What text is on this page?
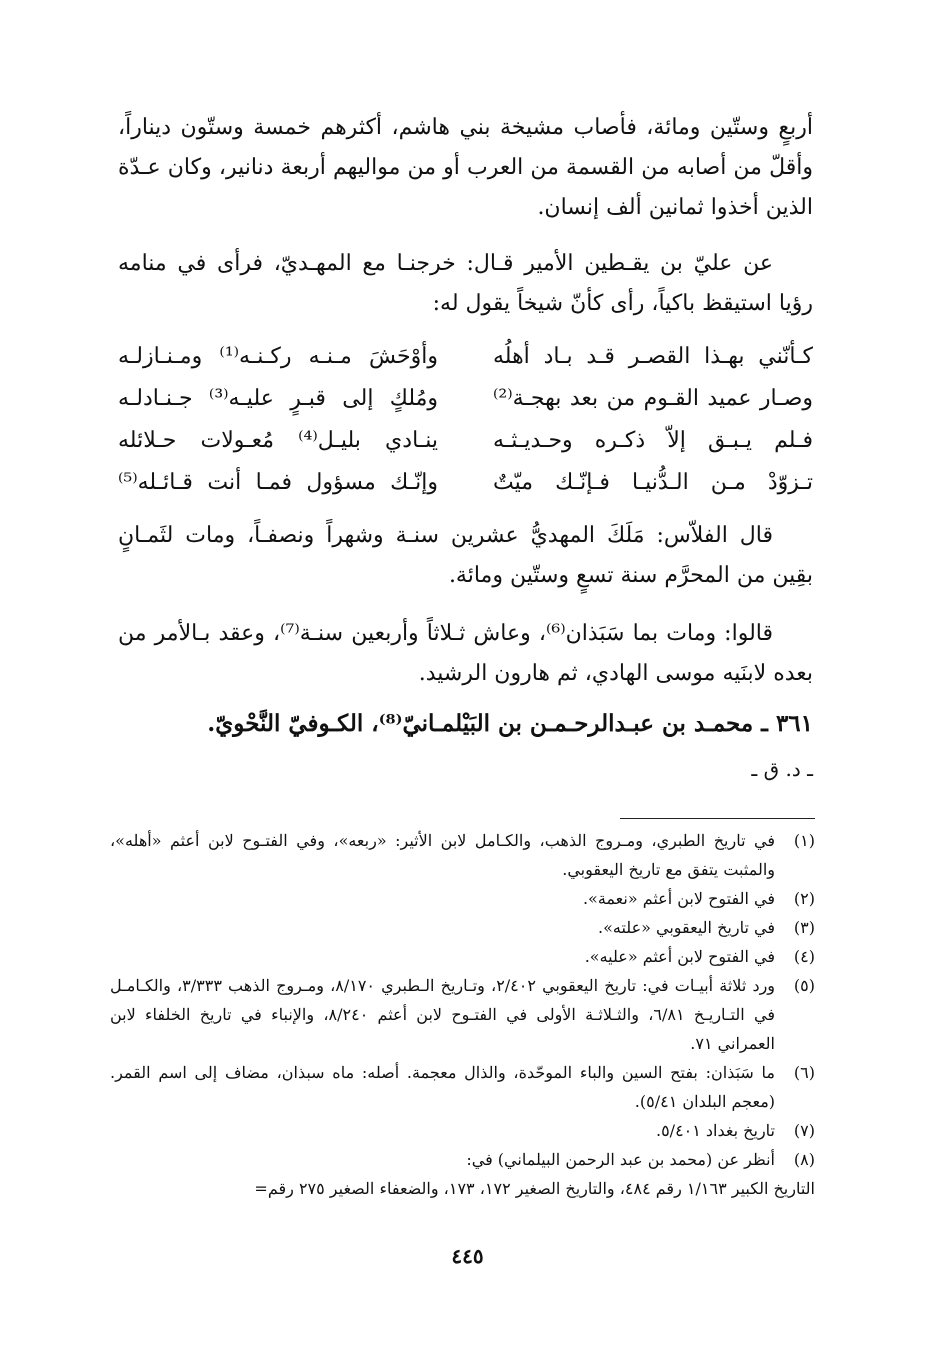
أربعٍ وستّين ومائة، فأصاب مشيخة بني هاشم، أكثرهم خمسة وستّون ديناراً، وأقلّ من أصابه من القسمة من العرب أو من مواليهم أربعة دنانير، وكان عـدّة الذين أخذوا ثمانين ألف إنسان.

عن عليّ بن يقـطين الأمير قـال: خرجنـا مع المهـديّ، فرأى في منامه رؤيا استيقظ باكياً، رأى كأنّ شيخاً يقول له:

كـأنّني بهـذا القصـر قـد بـاد أهلُه
وأوْحَشَ مـنـه ركـنـه⁽¹⁾ ومـنـازلـه
وصـار عميد القـوم من بعد بهجـة⁽²⁾
ومُلكٍ إلى قبـرٍ عليـه⁽³⁾ جـنـادلـه
فـلم يـبـق إلاّ ذكـره وحـديـثـه
ينـادي بليـل⁽⁴⁾ مُعـولات حـلائله
تـزوّدْ مـن الـدُّنيـا فـإنّـك ميّتٌ
وإنّـك مسؤول فمـا أنت قـائـله⁽⁵⁾

قال الفلاّس: مَلَكَ المهديُّ عشرين سنـة وشهراً ونصفـاً، ومات لثَمـانٍ بقِين من المحرَّم سنة تسعٍ وستّين ومائة.

قالوا: ومات بما سَبَذان⁽⁶⁾، وعاش ثـلاثاً وأربعين سنـة⁽⁷⁾، وعقد بـالأمر من بعده لابنَيه موسى الهادي، ثم هارون الرشيد.

٣٦١ ـ محمـد بن عبـدالرحـمـن بن البَيْلمـانيّ⁽⁸⁾، الكـوفيّ النَّحْويّ.
ـ د. ق ـ
(١)
في تاريخ الطبري، ومـروج الذهب، والكـامل لابن الأثير: «ربعه»، وفي الفتـوح لابن أعثم «أهله»، والمثبت يتفق مع تاريخ اليعقوبي.
(٢)
في الفتوح لابن أعثم «نعمة».
(٣)
في تاريخ اليعقوبي «علته».
(٤)
في الفتوح لابن أعثم «عليه».
(٥)
ورد ثلاثة أبيـات في: تاريخ اليعقوبي ٢/٤٠٢، وتـاريخ الـطبري ٨/١٧٠، ومـروج الذهب ٣/٣٣٣، والكـامـل في التـاريـخ ٦/٨١، والثـلاثـة الأولى في الفتـوح لابن أعثم ٨/٢٤٠، والإنباء في تاريخ الخلفاء لابن العمراني ٧١.
(٦)
ما سَبَذان: بفتح السين والباء الموحّدة، والذال معجمة. أصله: ماه سبذان، مضاف إلى اسم القمر. (معجم البلدان ٥/٤١).
(٧)
تاريخ بغداد ٥/٤٠١.
(٨)
أنظر عن (محمد بن عبد الرحمن البيلماني) في:

التاريخ الكبير ١/١٦٣ رقم ٤٨٤، والتاريخ الصغير ١٧٢، ١٧٣، والضعفاء الصغير ٢٧٥ رقم=

٤٤٥
